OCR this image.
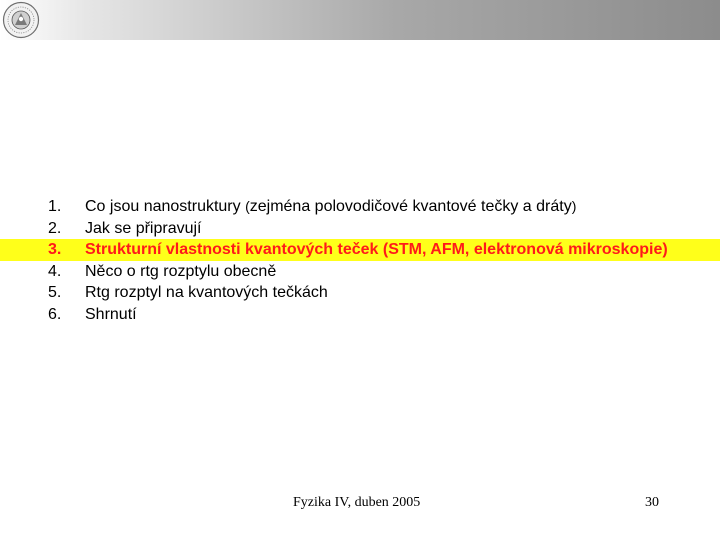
1. Co jsou nanostruktury (zejména polovodičové kvantové tečky a dráty)
2. Jak se připravují
3. Strukturní vlastnosti kvantových teček (STM, AFM, elektronová mikroskopie)
4. Něco o rtg rozptylu obecně
5. Rtg rozptyl na kvantových tečkách
6. Shrnutí
Fyzika IV, duben 2005	30
